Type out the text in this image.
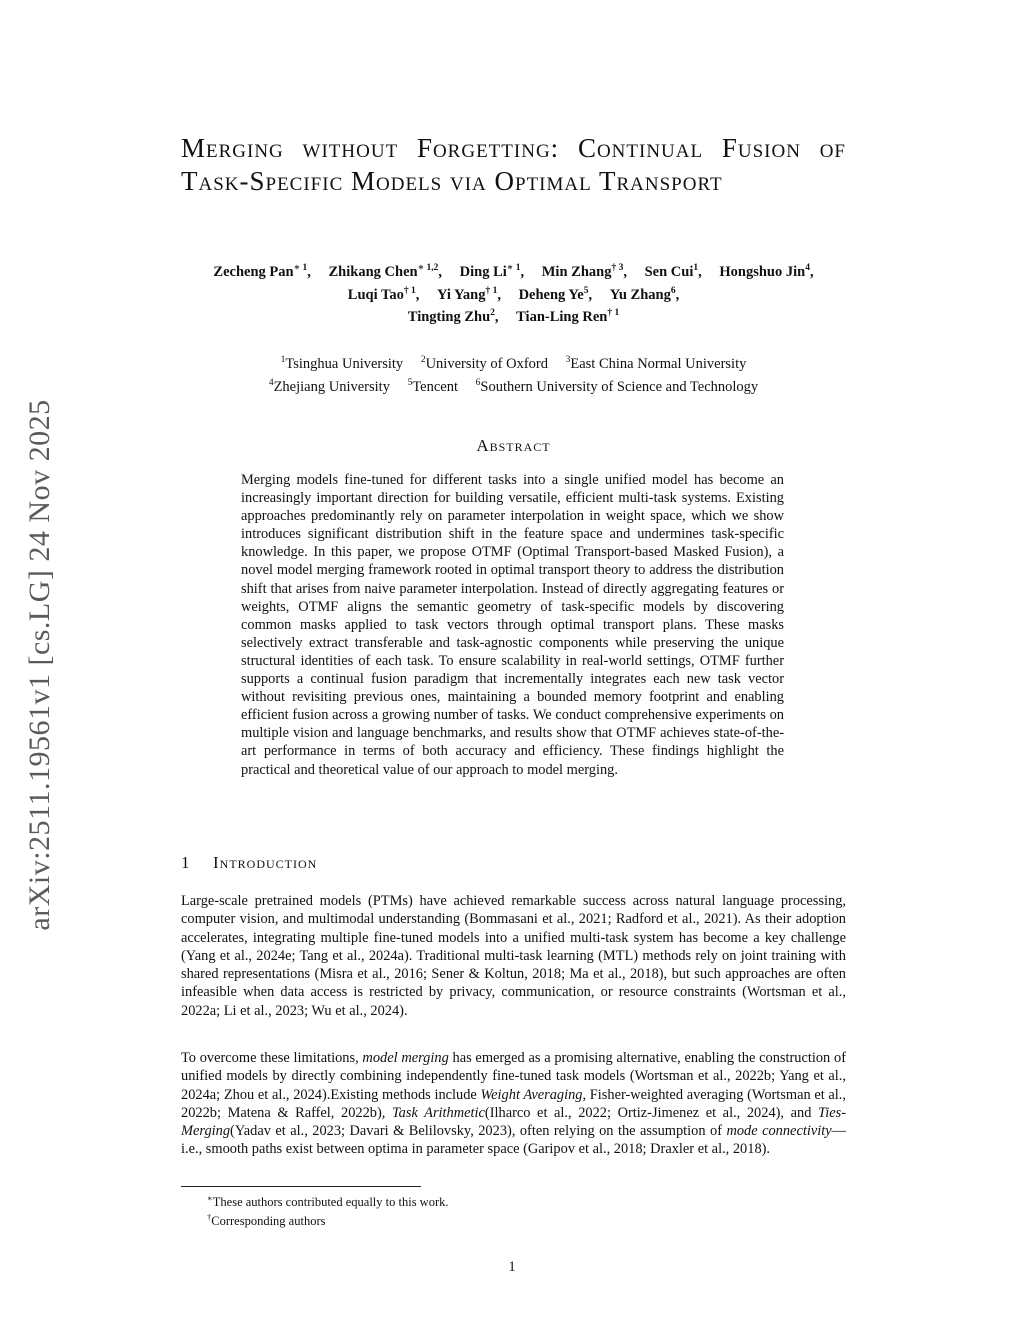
arXiv:2511.19561v1 [cs.LG] 24 Nov 2025
Merging without Forgetting: Continual Fusion of Task-Specific Models via Optimal Transport
Zecheng Pan$^{∗ 1}$, Zhikang Chen$^{∗ 1,2}$, Ding $Li^{∗ 1}$, Min Zhang$^{\dagger 3}$, Sen Cui$^1$, Hongshuo Jin$^4$, Luqi Tao$^{\dagger 1}$, Yi Yang$^{\dagger 1}$, Deheng Ye$^5$, Yu Zhang$^6$,
Tingting Zhu$^2$, Tian-Ling Ren$^{\dagger 1}$
$^1$Tsinghua University $^2$University of Oxford $^3$East China Normal University
$^4$Zhejiang University $^5$Tencent $^6$Southern University of Science and Technology
Abstract

Merging models fine-tuned for different tasks into a single unified model has become an increasingly important direction for building versatile, efficient multi-task systems. Existing approaches predominantly rely on parameter interpolation in weight space, which we show introduces significant distribution shift in the feature space and undermines task-specific knowledge. In this paper, we propose OTMF (Optimal Transport-based Masked Fusion), a novel model merging framework rooted in optimal transport theory to address the distribution shift that arises from naive parameter interpolation. Instead of directly aggregating features or weights, OTMF aligns the semantic geometry of task-specific models by discovering common masks applied to task vectors through optimal transport plans. These masks selectively extract transferable and task-agnostic components while preserving the unique structural identities of each task. To ensure scalability in real-world settings, OTMF further supports a continual fusion paradigm that incrementally integrates each new task vector without revisiting previous ones, maintaining a bounded memory footprint and enabling efficient fusion across a growing number of tasks. We conduct comprehensive experiments on multiple vision and language benchmarks, and results show that OTMF achieves state-of-the-art performance in terms of both accuracy and efficiency. These findings highlight the practical and theoretical value of our approach to model merging.

1 Introduction

Large-scale pretrained models (PTMs) have achieved remarkable success across natural language processing, computer vision, and multimodal understanding (Bommasani et al., 2021; Radford et al., 2021). As their adoption accelerates, integrating multiple fine-tuned models into a unified multi-task system has become a key challenge (Yang et al., 2024e; Tang et al., 2024a). Traditional multi-task learning (MTL) methods rely on joint training with shared representations (Misra et al., 2016; Sener & Koltun, 2018; Ma et al., 2018), but such approaches are often infeasible when data access is restricted by privacy, communication, or resource constraints (Wortsman et al., 2022a; Li et al., 2023; Wu et al., 2024).

To overcome these limitations, model merging has emerged as a promising alternative, enabling the construction of unified models by directly combining independently fine-tuned task models (Wortsman et al., 2022b; Yang et al., 2024a; Zhou et al., 2024).Existing methods include Weight Averaging, Fisher-weighted averaging (Wortsman et al., 2022b; Matena & Raffel, 2022b), Task Arithmetic(Ilharco et al., 2022; Ortiz-Jimenez et al., 2024), and Ties-Merging(Yadav et al., 2023; Davari & Belilovsky, 2023), often relying on the assumption of mode connectivity—i.e., smooth paths exist between optima in parameter space (Garipov et al., 2018; Draxler et al., 2018).

∗These authors contributed equally to this work.

†Corresponding authors

1
